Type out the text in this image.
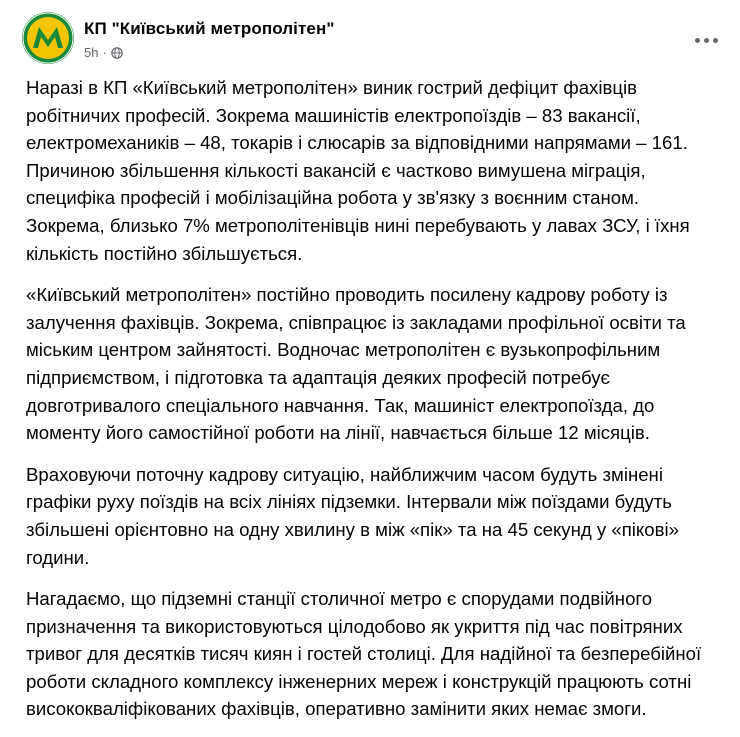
КП "Київський метрополітен"
5h ·

Наразі в КП «Київський метрополітен» виник гострий дефіцит фахівців
робітничих професій. Зокрема машиністів електропоїздів – 83 вакансії,
електромехаників – 48, токарів і слюсарів за відповідними напрямами – 161.
Причиною збільшення кількості вакансій є частково вимушена міграція,
специфіка професій і мобілізаційна робота у зв'язку з воєнним станом.
Зокрема, близько 7% метрополітенівців нині перебувають у лавах ЗСУ, і їхня
кількість постійно збільшується.

«Київський метрополітен» постійно проводить посилену кадрову роботу із
залучення фахівців. Зокрема, співпрацює із закладами профільної освіти та
міським центром зайнятості. Водночас метрополітен є вузькопрофільним
підприємством, і підготовка та адаптація деяких професій потребує
довготривалого спеціального навчання. Так, машиніст електропоїзда, до
моменту його самостійної роботи на лінії, навчається більше 12 місяців.

Враховуючи поточну кадрову ситуацію, найближчим часом будуть змінені
графіки руху поїздів на всіх лініях підземки. Інтервали між поїздами будуть
збільшені орієнтовно на одну хвилину в між «пік» та на 45 секунд у «пікові»
години.

Нагадаємо, що підземні станції столичної метро є спорудами подвійного
призначення та використовуються цілодобово як укриття під час повітряних
тривог для десятків тисяч киян і гостей столиці. Для надійної та безперебійної
роботи складного комплексу інженерних мереж і конструкцій працюють сотні
висококваліфікованих фахівців, оперативно замінити яких немає змоги.
